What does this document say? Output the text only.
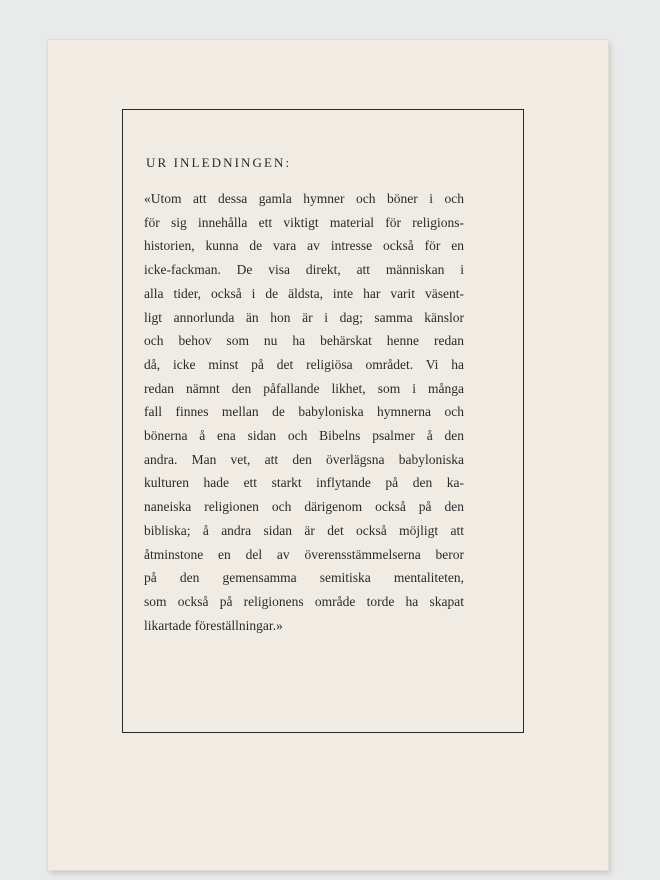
UR INLEDNINGEN:
«Utom att dessa gamla hymner och böner i och
för sig innehålla ett viktigt material för religions-
historien, kunna de vara av intresse också för en
icke-fackman. De visa direkt, att människan i
alla tider, också i de äldsta, inte har varit väsent-
ligt annorlunda än hon är i dag; samma känslor
och behov som nu ha behärskat henne redan
då, icke minst på det religiösa området. Vi ha
redan nämnt den påfallande likhet, som i många
fall finnes mellan de babyloniska hymnerna och
bönerna å ena sidan och Bibelns psalmer å den
andra. Man vet, att den överlägsna babyloniska
kulturen hade ett starkt inflytande på den ka-
naneiska religionen och därigenom också på den
bibliska; å andra sidan är det också möjligt att
åtminstone en del av överensstämmelserna beror
på den gemensamma semitiska mentaliteten,
som också på religionens område torde ha skapat
likartade föreställningar.»
